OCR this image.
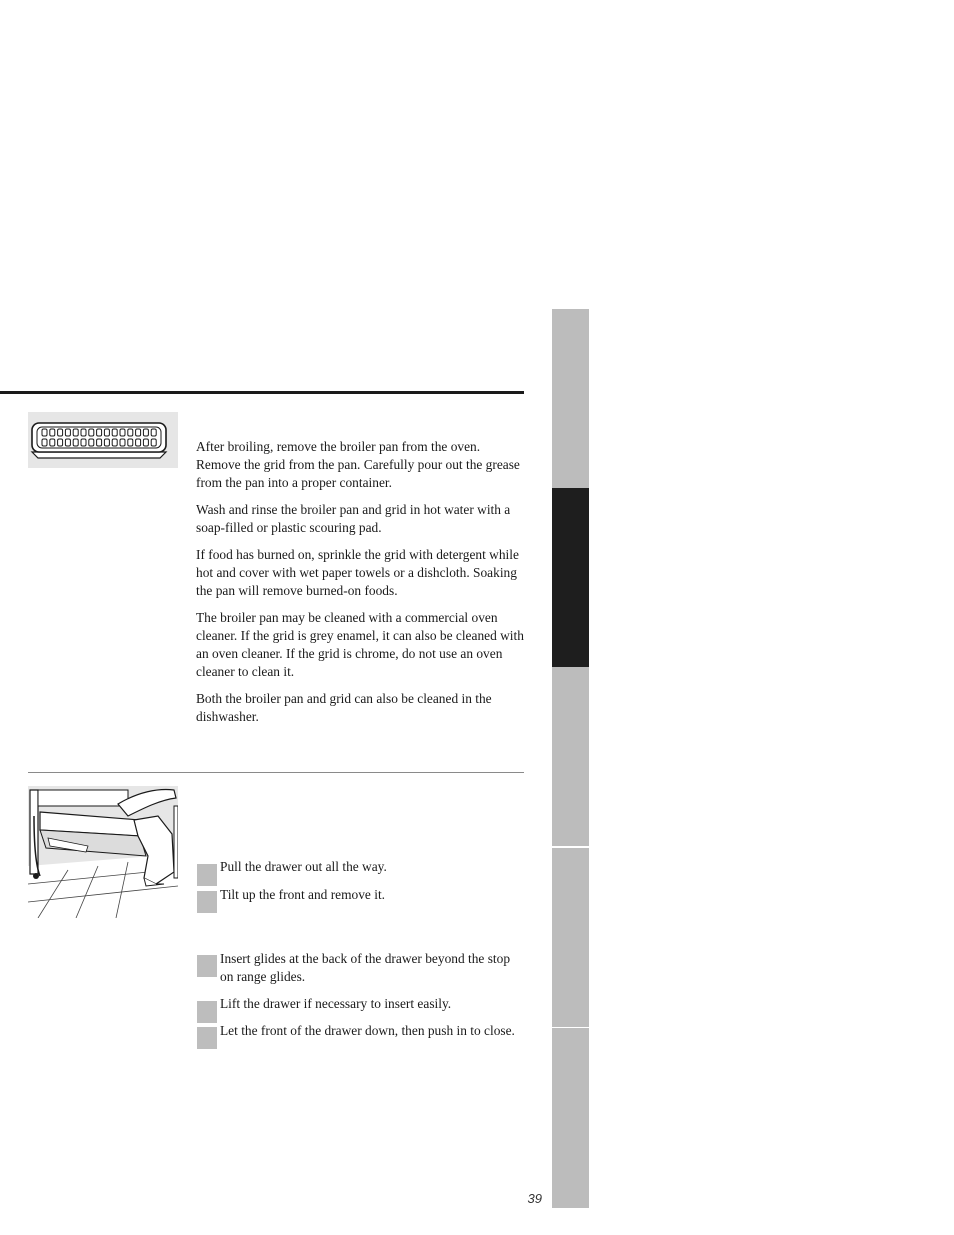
After broiling, remove the broiler pan from the oven. Remove the grid from the pan. Carefully pour out the grease from the pan into a proper container.

Wash and rinse the broiler pan and grid in hot water with a soap-filled or plastic scouring pad.

If food has burned on, sprinkle the grid with detergent while hot and cover with wet paper towels or a dishcloth. Soaking the pan will remove burned-on foods.

The broiler pan may be cleaned with a commercial oven cleaner. If the grid is grey enamel, it can also be cleaned with an oven cleaner. If the grid is chrome, do not use an oven cleaner to clean it.

Both the broiler pan and grid can also be cleaned in the dishwasher.

Pull the drawer out all the way.
Tilt up the front and remove it.
Insert glides at the back of the drawer beyond the stop on range glides.
Lift the drawer if necessary to insert easily.
Let the front of the drawer down, then push in to close.
39
